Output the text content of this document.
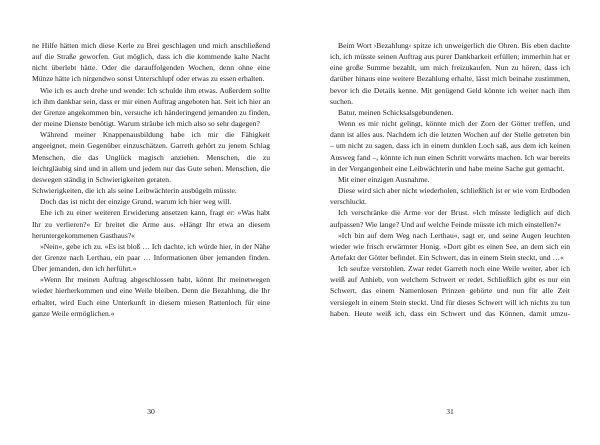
ne Hilfe hätten mich diese Kerle zu Brei geschlagen und mich anschließend auf die Straße geworfen. Gut möglich, dass ich die kommende kalte Nacht nicht überlebt hätte. Oder die darauffolgenden Wochen, denn ohne eine Münze hätte ich nirgendwo sonst Unterschlupf oder etwas zu essen erhalten.

Wie ich es auch drehe und wende: Ich schulde ihm etwas. Außerdem sollte ich ihm dankbar sein, dass er mir einen Auftrag angeboten hat. Seit ich hier an der Grenze angekommen bin, versuche ich händeringend jemanden zu finden, der meine Dienste benötigt. Warum sträube ich mich also so sehr dagegen?

Während meiner Knappenausbildung habe ich mir die Fähigkeit angeeignet, mein Gegenüber einzuschätzen. Garreth gehört zu jenem Schlag Menschen, die das Unglück magisch anziehen. Menschen, die zu leichtgläubig sind und in allem und jedem nur das Gute sehen. Menschen, die deswegen ständig in Schwierigkeiten geraten.

Schwierigkeiten, die ich als seine Leibwächterin ausbügeln müsste.

Doch das ist nicht der einzige Grund, warum ich hier weg will.

Ehe ich zu einer weiteren Erwiderung ansetzen kann, fragt er: »Was habt Ihr zu verlieren?« Er breitet die Arme aus. »Hängt Ihr etwa an diesem heruntergekommenen Gasthaus?«

»Nein«, gebe ich zu. »Es ist bloß … Ich dachte, ich würde hier, in der Nähe der Grenze nach Lerthau, ein paar … Informationen über jemanden finden. Über jemanden, den ich herführt.«

»Wenn Ihr meinen Auftrag abgeschlossen habt, könnt Ihr meinetwegen wieder hierherkommen und eine Weile bleiben. Denn die Bezahlung, die Ihr erhaltet, wird Euch eine Unterkunft in diesem miesen Rattenloch für eine ganze Weile ermöglichen.«

30

Beim Wort ›Bezahlung‹ spitze ich unweigerlich die Ohren. Bis eben dachte ich, ich müsste seinen Auftrag aus purer Dankbarkeit erfüllen; immerhin hat er eine große Summe bezahlt, um mich freizukaufen. Nun zu hören, dass ich darüber hinaus eine weitere Bezahlung erhalte, lässt mich beinahe zustimmen, bevor ich die Details kenne. Mit genügend Geld könnte ich weiter nach ihm suchen.

Batur, meinen Schicksalsgebundenen.

Wenn es mir nicht gelingt, könnte mich der Zorn der Götter treffen, und dann ist alles aus. Nachdem ich die letzten Wochen auf der Stelle getreten bin – um nicht zu sagen, dass ich in einem dunklen Loch saß, aus dem ich keinen Ausweg fand –, könnte ich nun einen Schritt vorwärts machen. Ich war bereits in der Vergangenheit eine Leibwächterin und habe meine Sache gut gemacht.

Mit einer einzigen Ausnahme.

Diese wird sich aber nicht wiederholen, schließlich ist er wie vom Erdboden verschluckt.

Ich verschränke die Arme vor der Brust. »Ich müsste lediglich auf dich aufpassen? Wie lange? Und auf welche Feinde müsste ich mich einstellen?«

»Ich bin auf dem Weg nach Lerthau«, sagt er, und seine Augen leuchten wieder wie frisch erwärmter Honig. »Dort gibt es einen See, an dem sich ein Artefakt der Götter befindet. Ein Schwert, das in einem Stein steckt, und …«

Ich seufze verstohlen. Zwar redet Garreth noch eine Weile weiter, aber ich weiß auf Anhieb, von welchem Schwert er redet. Schließlich gibt es nur ein Schwert, das einem Namenlosen Prinzen gehörte und nun für alle Zeit versiegelt in einem Stein steckt. Und für dieses Schwert will ich nichts zu tun haben. Heute weiß ich, dass ein Schwert und das Können, damit umzu-

31
